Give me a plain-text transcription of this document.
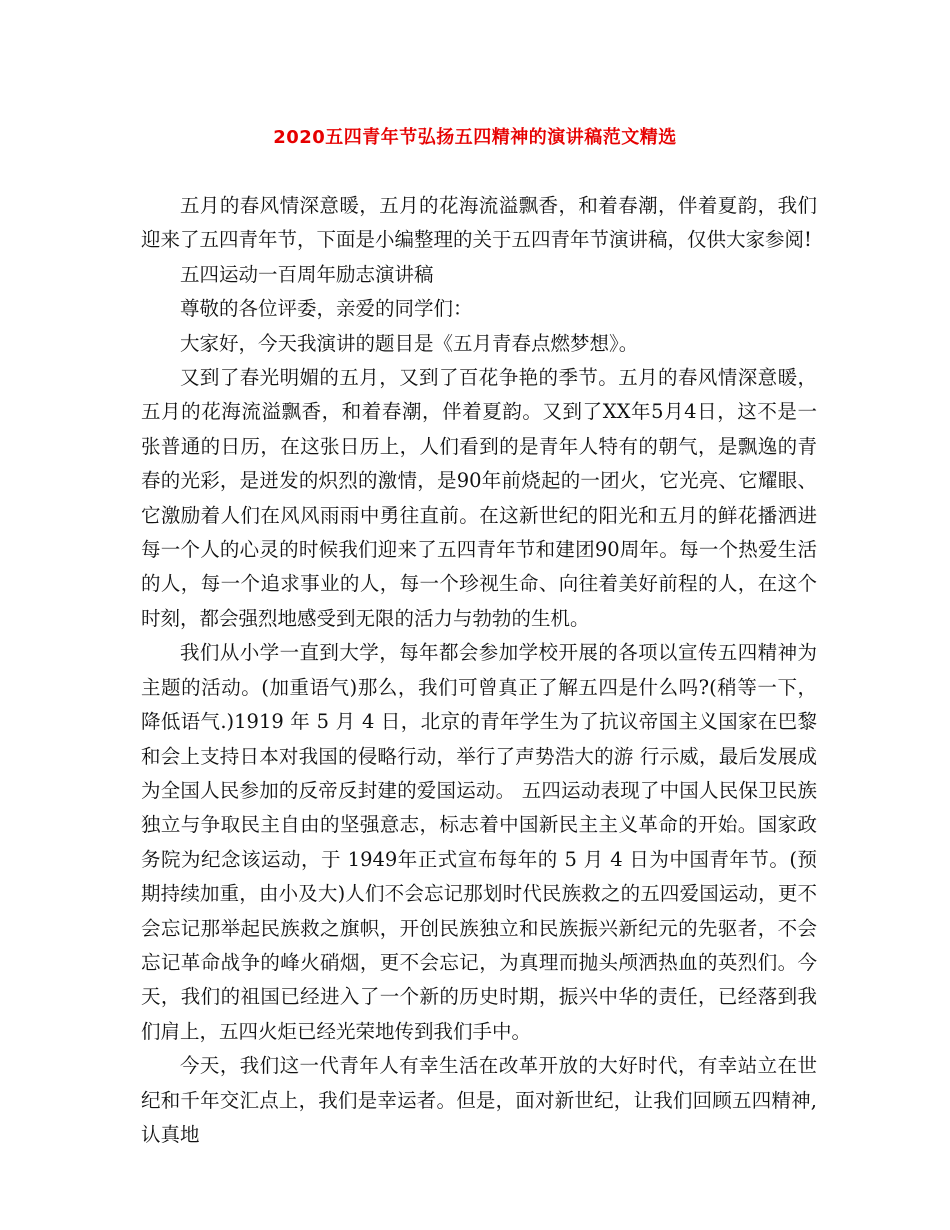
2020五四青年节弘扬五四精神的演讲稿范文精选

五月的春风情深意暖，五月的花海流溢飘香，和着春潮，伴着夏韵，我们迎来了五四青年节，下面是小编整理的关于五四青年节演讲稿，仅供大家参阅!

五四运动一百周年励志演讲稿

尊敬的各位评委，亲爱的同学们：

大家好，今天我演讲的题目是《五月青春点燃梦想》。

又到了春光明媚的五月，又到了百花争艳的季节。五月的春风情深意暖，五月的花海流溢飘香，和着春潮，伴着夏韵。又到了XX年5月4日，这不是一张普通的日历，在这张日历上，人们看到的是青年人特有的朝气，是飘逸的青春的光彩，是迸发的炽烈的激情，是90年前烧起的一团火，它光亮、它耀眼、它激励着人们在风风雨雨中勇往直前。在这新世纪的阳光和五月的鲜花播洒进每一个人的心灵的时候我们迎来了五四青年节和建团90周年。每一个热爱生活的人，每一个追求事业的人，每一个珍视生命、向往着美好前程的人，在这个时刻，都会强烈地感受到无限的活力与勃勃的生机。

我们从小学一直到大学，每年都会参加学校开展的各项以宣传五四精神为主题的活动。(加重语气)那么，我们可曾真正了解五四是什么吗?(稍等一下，降低语气.)1919 年 5 月 4 日，北京的青年学生为了抗议帝国主义国家在巴黎和会上支持日本对我国的侵略行动，举行了声势浩大的游 行示威，最后发展成为全国人民参加的反帝反封建的爱国运动。 五四运动表现了中国人民保卫民族独立与争取民主自由的坚强意志，标志着中国新民主主义革命的开始。国家政务院为纪念该运动，于 1949年正式宣布每年的 5 月 4 日为中国青年节。(预期持续加重，由小及大)人们不会忘记那划时代民族救之的五四爱国运动，更不会忘记那举起民族救之旗帜，开创民族独立和民族振兴新纪元的先驱者，不会忘记革命战争的峰火硝烟，更不会忘记，为真理而抛头颅洒热血的英烈们。今天，我们的祖国已经进入了一个新的历史时期，振兴中华的责任，已经落到我们肩上，五四火炬已经光荣地传到我们手中。

今天，我们这一代青年人有幸生活在改革开放的大好时代，有幸站立在世纪和千年交汇点上，我们是幸运者。但是，面对新世纪，让我们回顾五四精神,认真地
